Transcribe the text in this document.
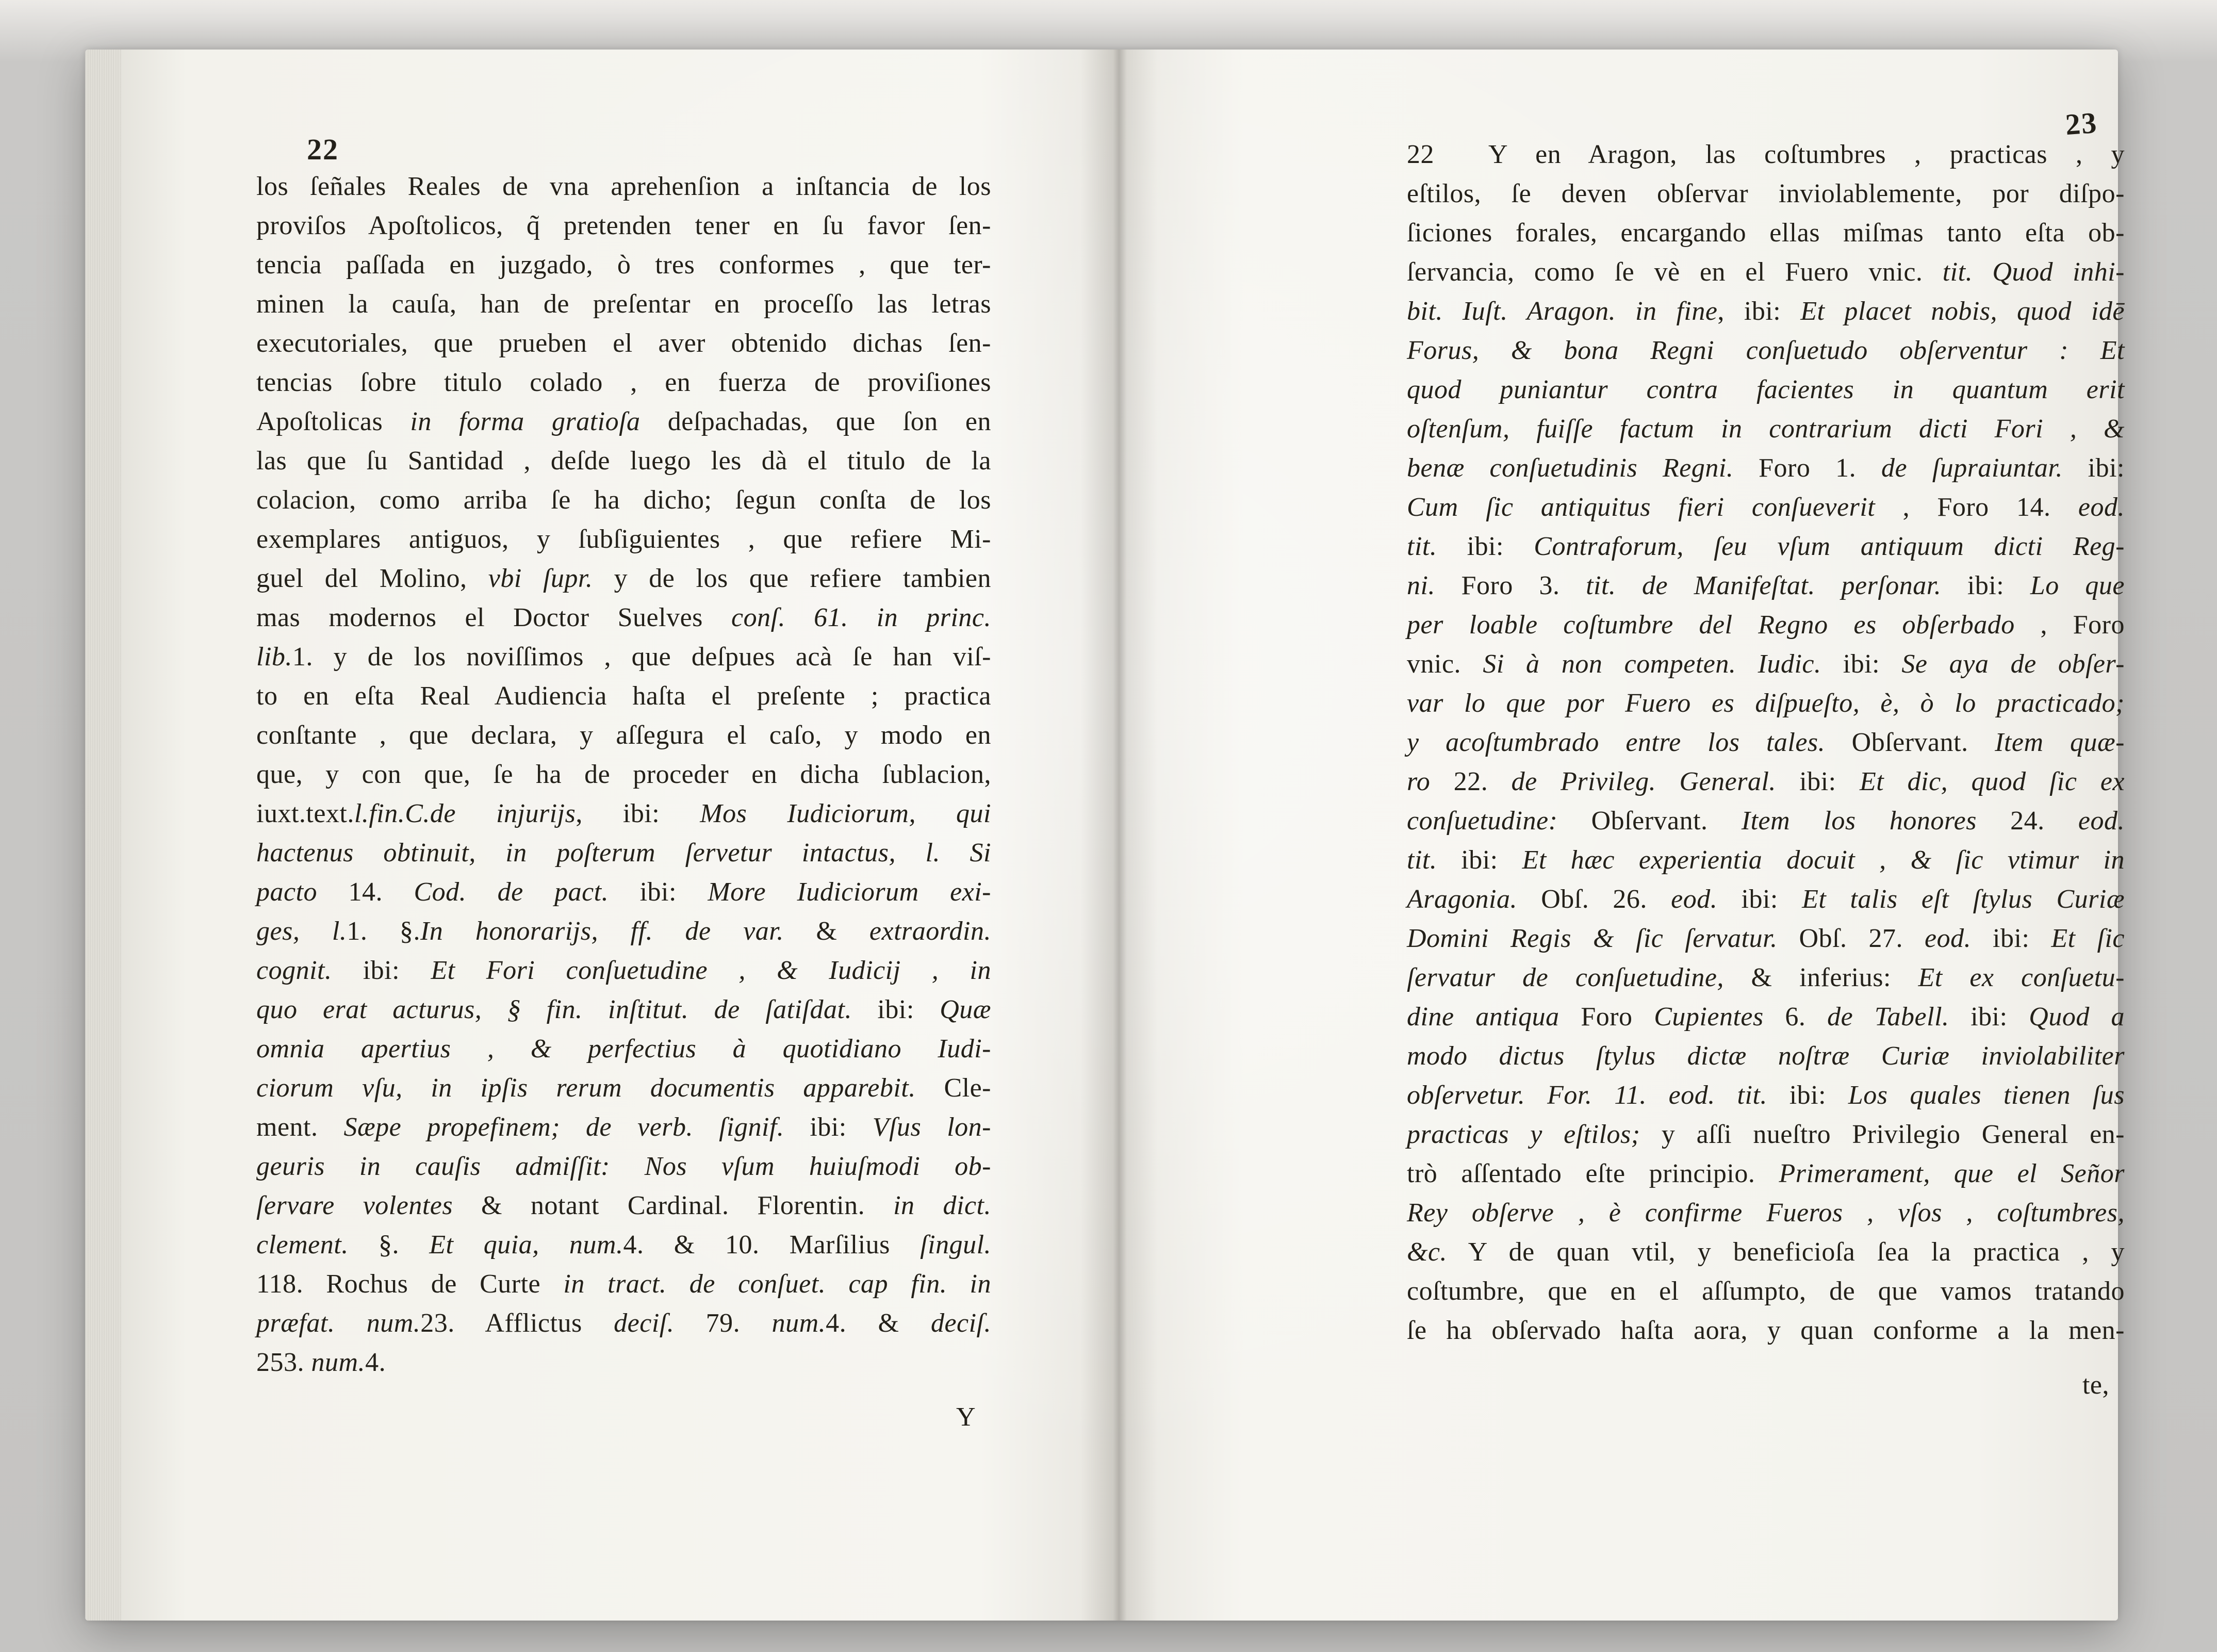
22
los ſeñales Reales de vna aprehenſion a inſtancia de los
proviſos Apoſtolicos, q̃ pretenden tener en ſu favor ſen-
tencia paſſada en juzgado, ò tres conformes , que ter-
minen la cauſa, han de preſentar en proceſſo las letras
executoriales, que prueben el aver obtenido dichas ſen-
tencias ſobre titulo colado , en fuerza de proviſiones
Apoſtolicas in forma gratioſa deſpachadas, que ſon en
las que ſu Santidad , deſde luego les dà el titulo de la
colacion, como arriba ſe ha dicho; ſegun conſta de los
exemplares antiguos, y ſubſiguientes , que refiere Mi-
guel del Molino, vbi ſupr. y de los que refiere tambien
mas modernos el Doctor Suelves conſ. 61. in princ.
lib.1. y de los noviſſimos , que deſpues acà ſe han viſ-
to en eſta Real Audiencia haſta el preſente ; practica
conſtante , que declara, y aſſegura el caſo, y modo en
que, y con que, ſe ha de proceder en dicha ſublacion,
iuxt.text.l.fin.C.de injurijs, ibi: Mos Iudiciorum, qui
hactenus obtinuit, in poſterum ſervetur intactus, l. Si
pacto 14. Cod. de pact. ibi: More Iudiciorum exi-
ges, l.1. §.In honorarijs, ff. de var. & extraordin.
cognit. ibi: Et Fori conſuetudine , & Iudicij , in
quo erat acturus, § fin. inſtitut. de ſatiſdat. ibi: Quæ
omnia apertius , & perfectius à quotidiano Iudi-
ciorum vſu, in ipſis rerum documentis apparebit. Cle-
ment. Sæpe propefinem; de verb. ſignif. ibi: Vſus lon-
geuris in cauſis admiſſit: Nos vſum huiuſmodi ob-
ſervare volentes & notant Cardinal. Florentin. in dict.
clement. §. Et quia, num.4. & 10. Marſilius ſingul.
118. Rochus de Curte in tract. de conſuet. cap fin. in
præfat. num.23. Afflictus deciſ. 79. num.4. & deciſ.
253. num.4.
Y
23
22  Y en Aragon, las coſtumbres , practicas , y
eſtilos, ſe deven obſervar inviolablemente, por diſpo-
ſiciones forales, encargando ellas miſmas tanto eſta ob-
ſervancia, como ſe vè en el Fuero vnic. tit. Quod inhi-
bit. Iuſt. Aragon. in fine, ibi: Et placet nobis, quod idē
Forus, & bona Regni conſuetudo obſerventur : Et
quod puniantur contra facientes in quantum erit
oſtenſum, fuiſſe factum in contrarium dicti Fori , &
benæ conſuetudinis Regni. Foro 1. de ſupraiuntar. ibi:
Cum ſic antiquitus fieri conſueverit , Foro 14. eod.
tit. ibi: Contraforum, ſeu vſum antiquum dicti Reg-
ni. Foro 3. tit. de Manifeſtat. perſonar. ibi: Lo que
per loable coſtumbre del Regno es obſerbado , Foro
vnic. Si à non competen. Iudic. ibi: Se aya de obſer-
var lo que por Fuero es diſpueſto, è, ò lo practicado;
y acoſtumbrado entre los tales. Obſervant. Item quæ-
ro 22. de Privileg. General. ibi: Et dic, quod ſic ex
conſuetudine: Obſervant. Item los honores 24. eod.
tit. ibi: Et hæc experientia docuit , & ſic vtimur in
Aragonia. Obſ. 26. eod. ibi: Et talis eſt ſtylus Curiæ
Domini Regis & ſic ſervatur. Obſ. 27. eod. ibi: Et ſic
ſervatur de conſuetudine, & inferius: Et ex conſuetu-
dine antiqua Foro Cupientes 6. de Tabell. ibi: Quod a
modo dictus ſtylus dictæ noſtræ Curiæ inviolabiliter
obſervetur. For. 11. eod. tit. ibi: Los quales tienen ſus
practicas y eſtilos; y aſſi nueſtro Privilegio General en-
trò aſſentado eſte principio. Primerament, que el Señor
Rey obſerve , è confirme Fueros , vſos , coſtumbres,
&c. Y de quan vtil, y beneficioſa ſea la practica , y
coſtumbre, que en el aſſumpto, de que vamos tratando
ſe ha obſervado haſta aora, y quan conforme a la men-
te,
